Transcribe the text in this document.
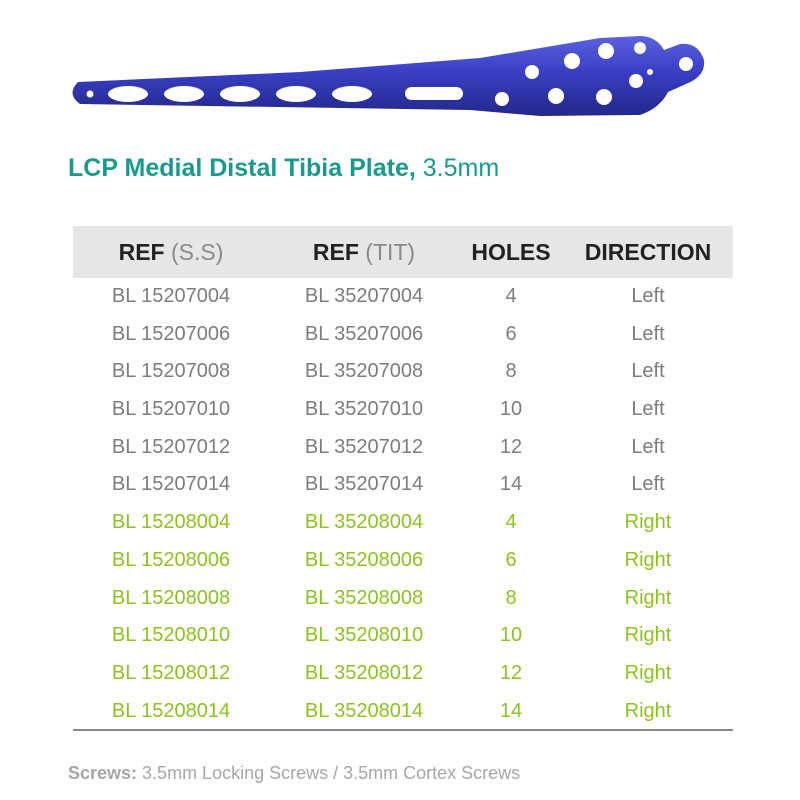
LCP Medial Distal Tibia Plate, 3.5mm
REF (S.S)	REF (TIT)	HOLES	DIRECTION
BL 15207004	BL 35207004	4	Left
BL 15207006	BL 35207006	6	Left
BL 15207008	BL 35207008	8	Left
BL 15207010	BL 35207010	10	Left
BL 15207012	BL 35207012	12	Left
BL 15207014	BL 35207014	14	Left
BL 15208004	BL 35208004	4	Right
BL 15208006	BL 35208006	6	Right
BL 15208008	BL 35208008	8	Right
BL 15208010	BL 35208010	10	Right
BL 15208012	BL 35208012	12	Right
BL 15208014	BL 35208014	14	Right
Screws: 3.5mm Locking Screws / 3.5mm Cortex Screws
